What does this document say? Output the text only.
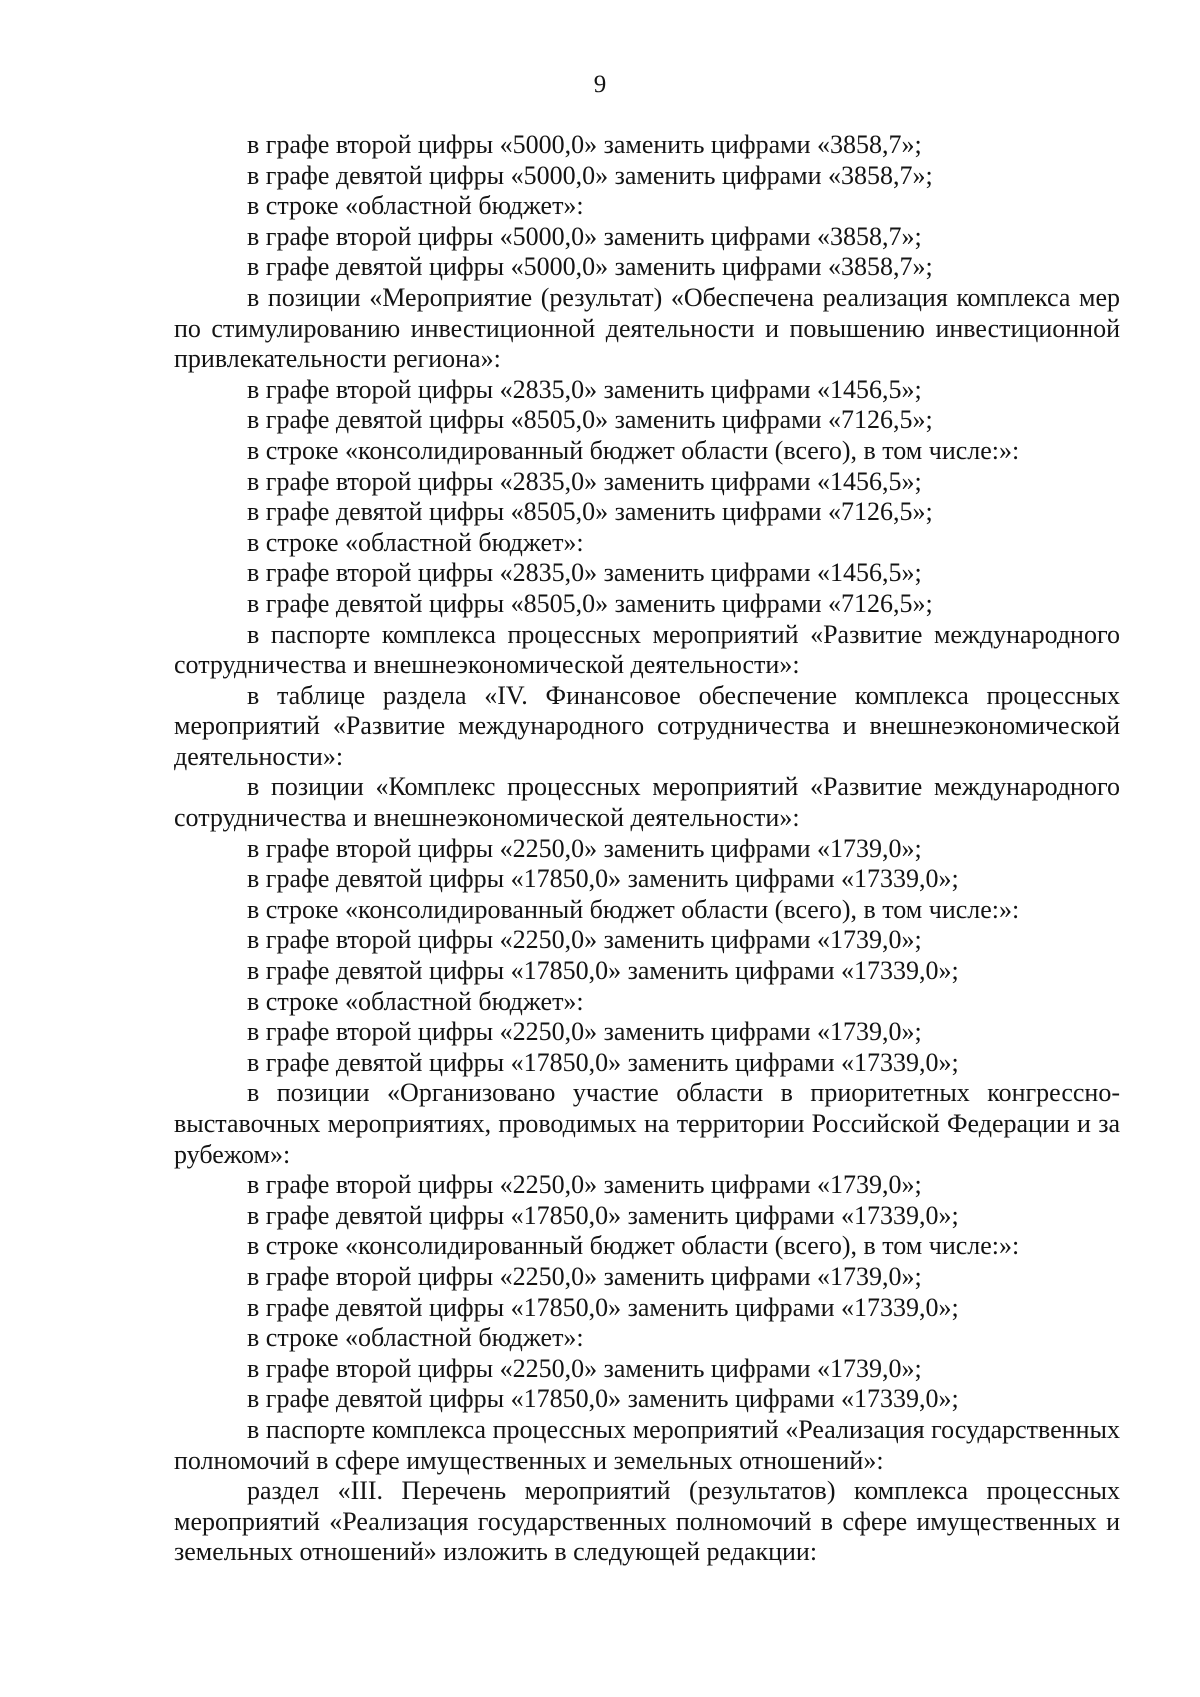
9

в графе второй цифры «5000,0» заменить цифрами «3858,7»;

в графе девятой цифры «5000,0» заменить цифрами «3858,7»;

в строке «областной бюджет»:

в графе второй цифры «5000,0» заменить цифрами «3858,7»;

в графе девятой цифры «5000,0» заменить цифрами «3858,7»;

в позиции «Мероприятие (результат) «Обеспечена реализация комплекса мер по стимулированию инвестиционной деятельности и повышению инвестиционной привлекательности региона»:

в графе второй цифры «2835,0» заменить цифрами «1456,5»;

в графе девятой цифры «8505,0» заменить цифрами «7126,5»;

в строке «консолидированный бюджет области (всего), в том числе:»:

в графе второй цифры «2835,0» заменить цифрами «1456,5»;

в графе девятой цифры «8505,0» заменить цифрами «7126,5»;

в строке «областной бюджет»:

в графе второй цифры «2835,0» заменить цифрами «1456,5»;

в графе девятой цифры «8505,0» заменить цифрами «7126,5»;

в паспорте комплекса процессных мероприятий «Развитие международного сотрудничества и внешнеэкономической деятельности»:

в таблице раздела «IV. Финансовое обеспечение комплекса процессных мероприятий «Развитие международного сотрудничества и внешнеэкономической деятельности»:

в позиции «Комплекс процессных мероприятий «Развитие международного сотрудничества и внешнеэкономической деятельности»:

в графе второй цифры «2250,0» заменить цифрами «1739,0»;

в графе девятой цифры «17850,0» заменить цифрами «17339,0»;

в строке «консолидированный бюджет области (всего), в том числе:»:

в графе второй цифры «2250,0» заменить цифрами «1739,0»;

в графе девятой цифры «17850,0» заменить цифрами «17339,0»;

в строке «областной бюджет»:

в графе второй цифры «2250,0» заменить цифрами «1739,0»;

в графе девятой цифры «17850,0» заменить цифрами «17339,0»;

в позиции «Организовано участие области в приоритетных конгрессно-выставочных мероприятиях, проводимых на территории Российской Федерации и за рубежом»:

в графе второй цифры «2250,0» заменить цифрами «1739,0»;

в графе девятой цифры «17850,0» заменить цифрами «17339,0»;

в строке «консолидированный бюджет области (всего), в том числе:»:

в графе второй цифры «2250,0» заменить цифрами «1739,0»;

в графе девятой цифры «17850,0» заменить цифрами «17339,0»;

в строке «областной бюджет»:

в графе второй цифры «2250,0» заменить цифрами «1739,0»;

в графе девятой цифры «17850,0» заменить цифрами «17339,0»;

в паспорте комплекса процессных мероприятий «Реализация государственных полномочий в сфере имущественных и земельных отношений»:

раздел «III. Перечень мероприятий (результатов) комплекса процессных мероприятий «Реализация государственных полномочий в сфере имущественных и земельных отношений» изложить в следующей редакции:
